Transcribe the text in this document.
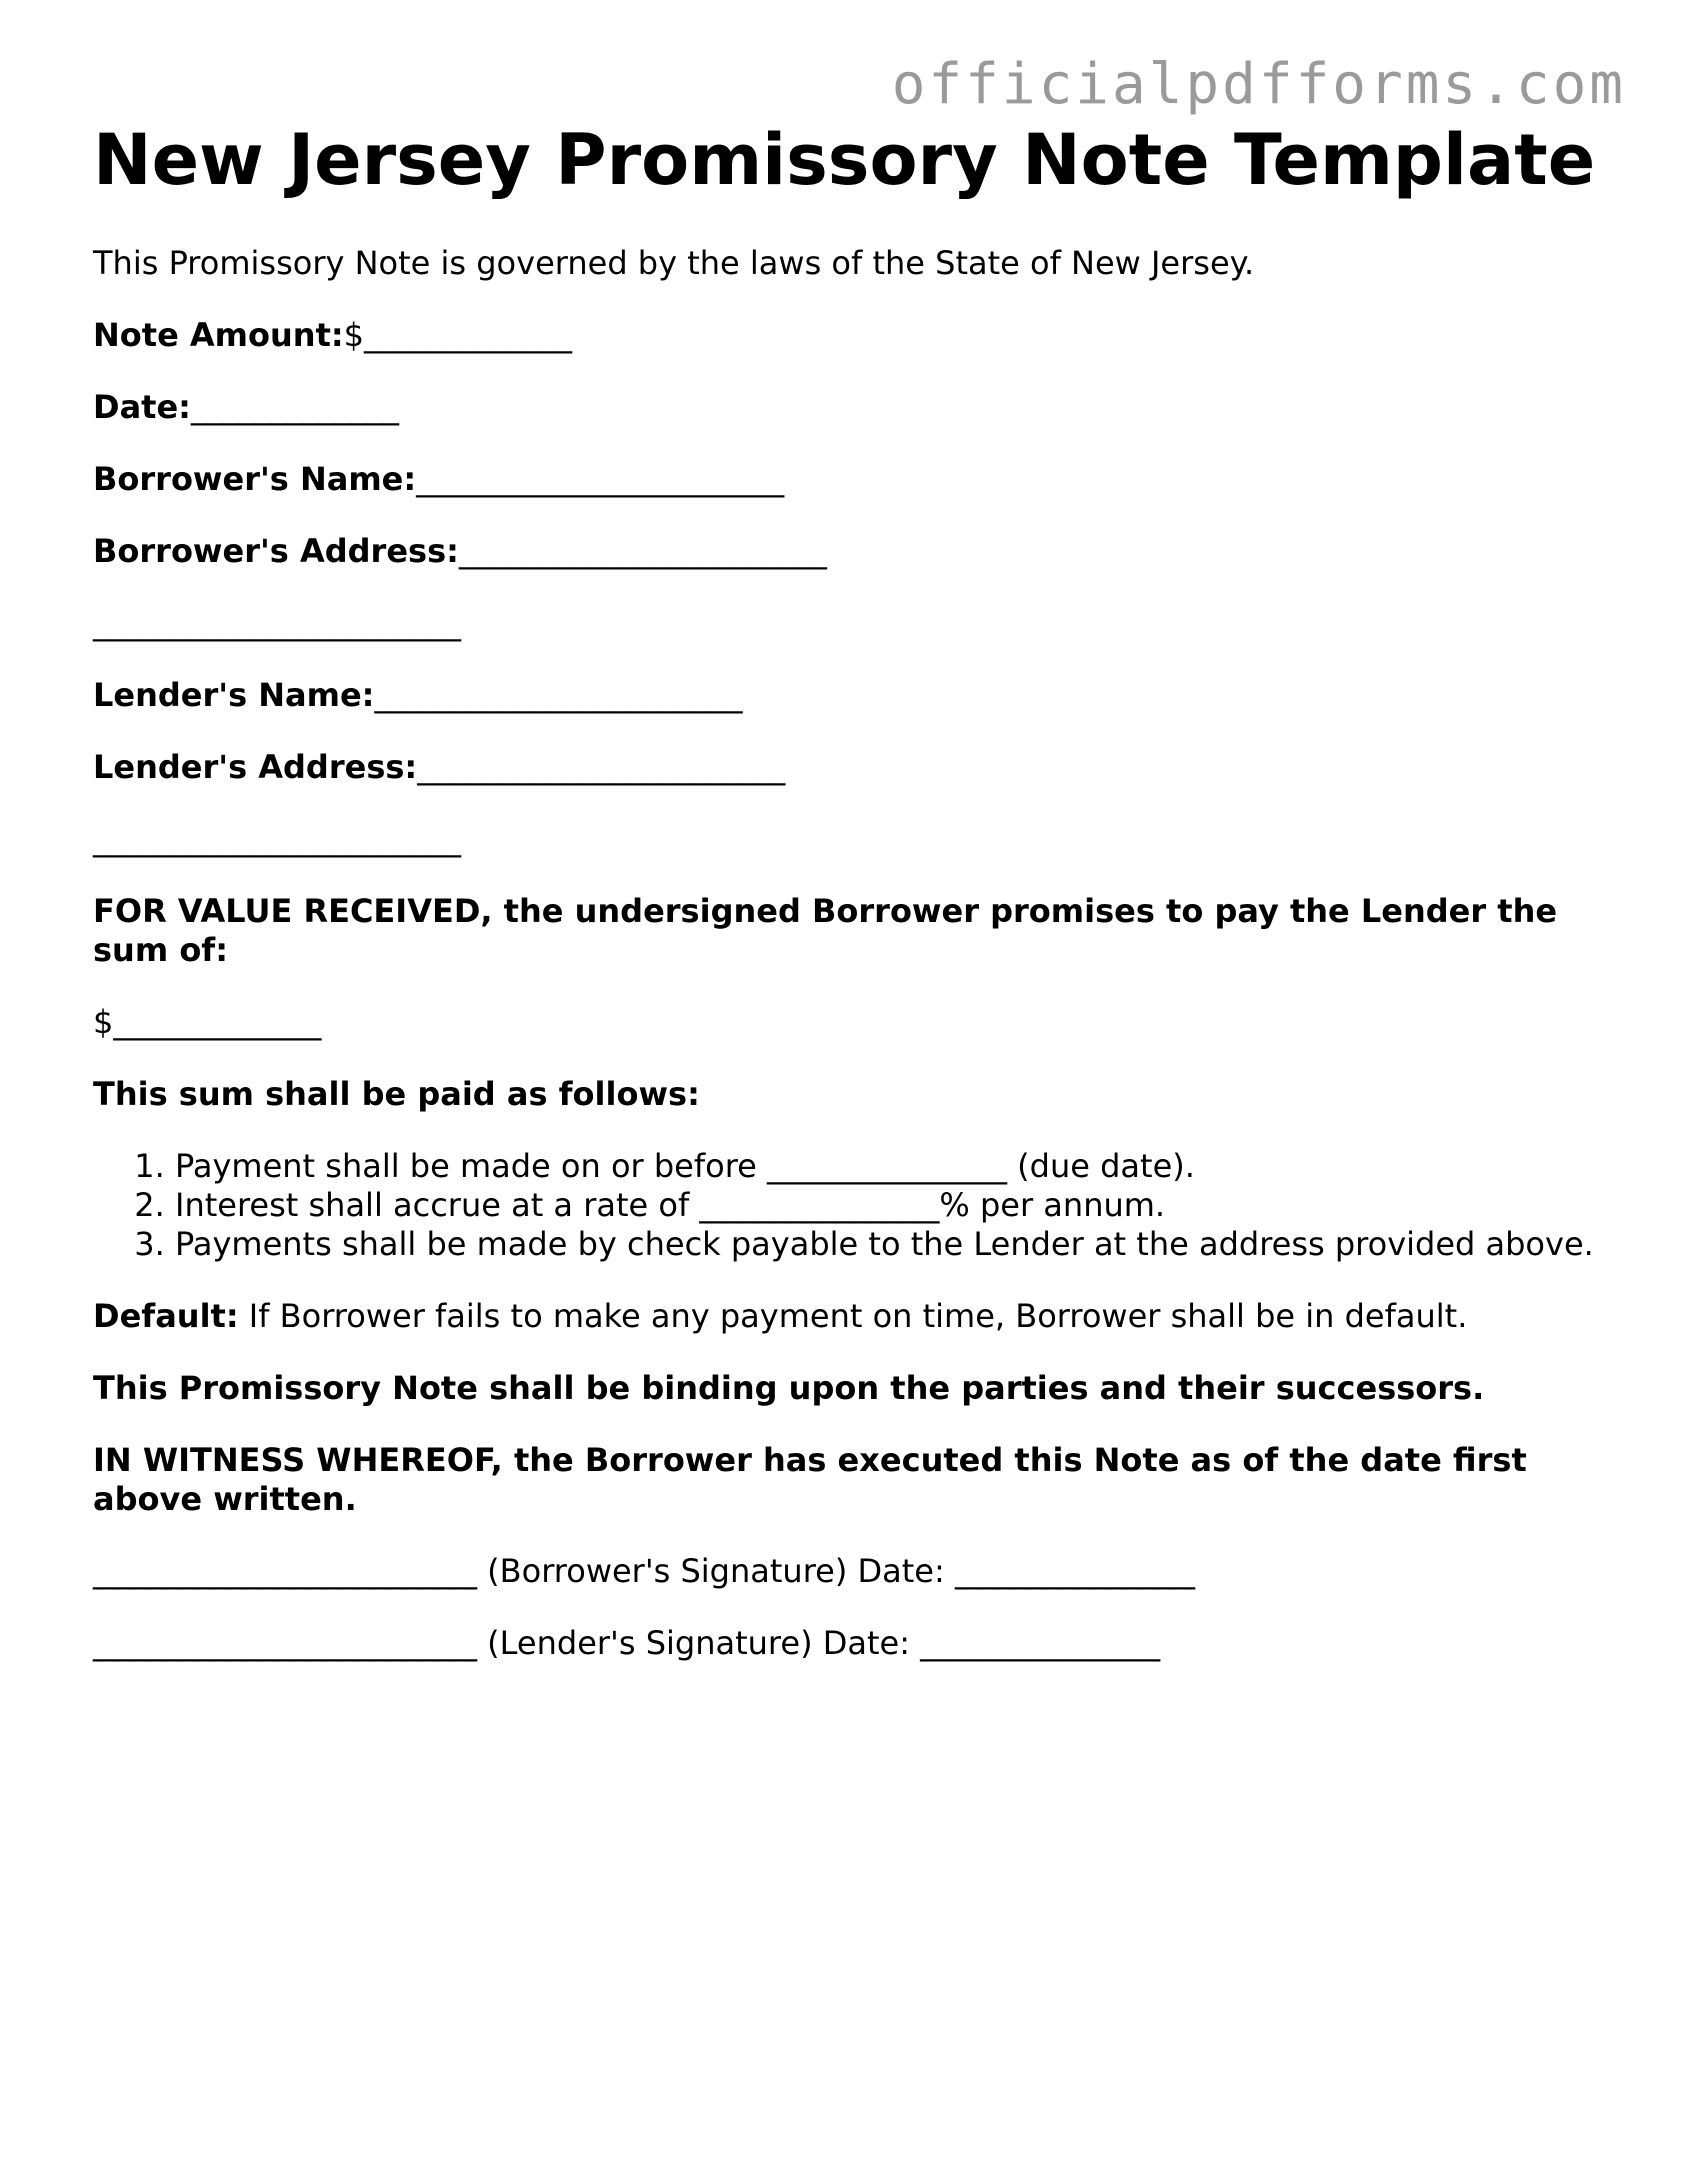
officialpdfforms.com
New Jersey Promissory Note Template

This Promissory Note is governed by the laws of the State of New Jersey.

Note Amount:$_____________

Date:_____________

Borrower's Name:_______________________

Borrower's Address:_______________________

_______________________

Lender's Name:_______________________

Lender's Address:_______________________

_______________________

FOR VALUE RECEIVED, the undersigned Borrower promises to pay the Lender the sum of:

$_____________

This sum shall be paid as follows:

1. Payment shall be made on or before _______________ (due date).
2. Interest shall accrue at a rate of _______________% per annum.
3. Payments shall be made by check payable to the Lender at the address provided above.

Default: If Borrower fails to make any payment on time, Borrower shall be in default.

This Promissory Note shall be binding upon the parties and their successors.

IN WITNESS WHEREOF, the Borrower has executed this Note as of the date first above written.

________________________ (Borrower's Signature) Date: _______________

________________________ (Lender's Signature) Date: _______________
